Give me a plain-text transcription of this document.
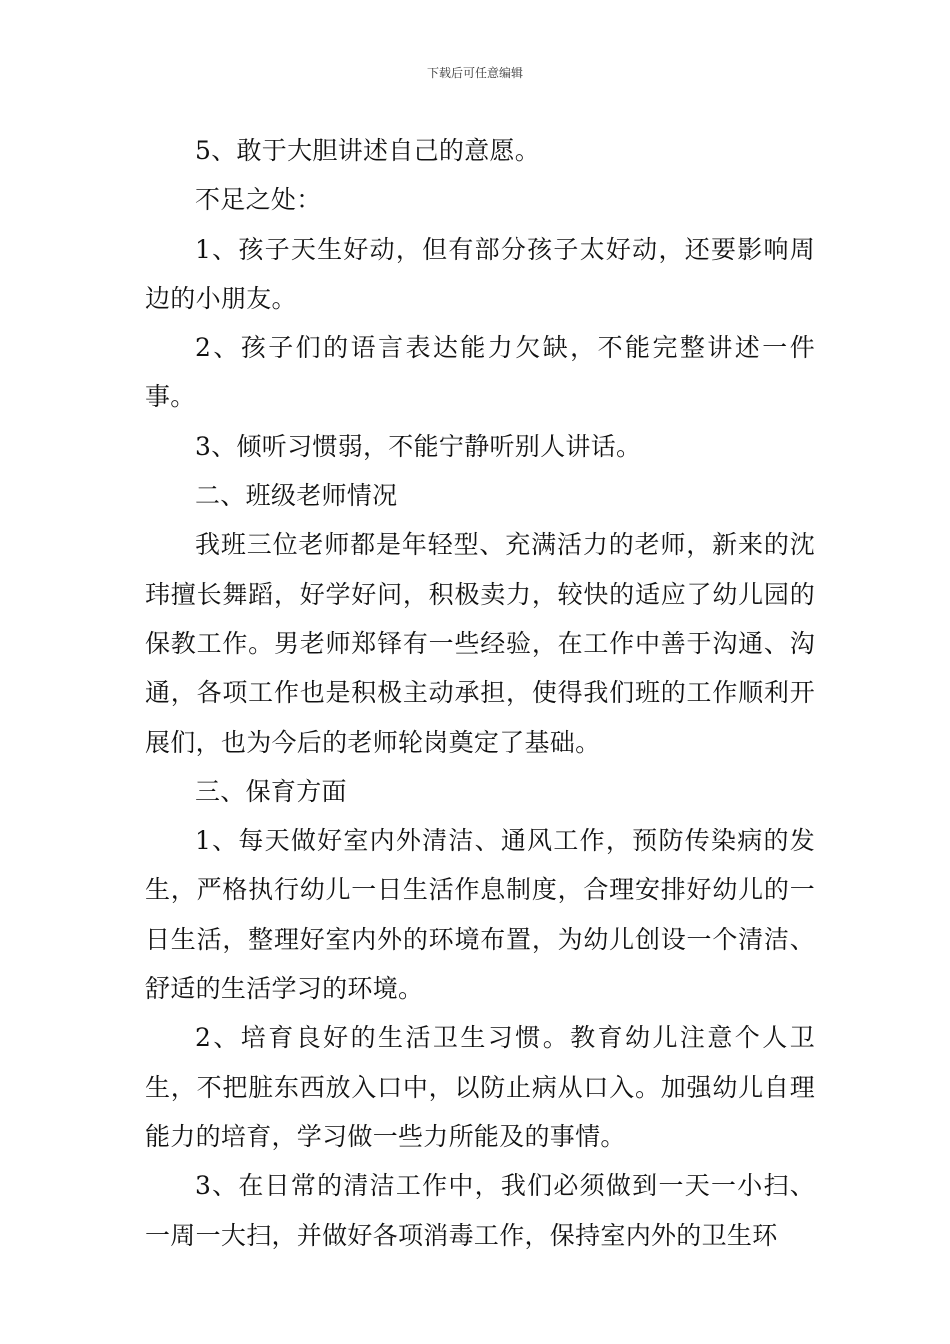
下载后可任意编辑

5、敢于大胆讲述自己的意愿。

不足之处：

1、孩子天生好动，但有部分孩子太好动，还要影响周边的小朋友。

2、孩子们的语言表达能力欠缺，不能完整讲述一件事。

3、倾听习惯弱，不能宁静听别人讲话。

二、班级老师情况

我班三位老师都是年轻型、充满活力的老师，新来的沈玮擅长舞蹈，好学好问，积极卖力，较快的适应了幼儿园的保教工作。男老师郑铎有一些经验，在工作中善于沟通、沟通，各项工作也是积极主动承担，使得我们班的工作顺利开展们，也为今后的老师轮岗奠定了基础。

三、保育方面

1、每天做好室内外清洁、通风工作，预防传染病的发生，严格执行幼儿一日生活作息制度，合理安排好幼儿的一日生活，整理好室内外的环境布置，为幼儿创设一个清洁、舒适的生活学习的环境。

2、培育良好的生活卫生习惯。教育幼儿注意个人卫生，不把脏东西放入口中，以防止病从口入。加强幼儿自理能力的培育，学习做一些力所能及的事情。

3、在日常的清洁工作中，我们必须做到一天一小扫、一周一大扫，并做好各项消毒工作，保持室内外的卫生环
